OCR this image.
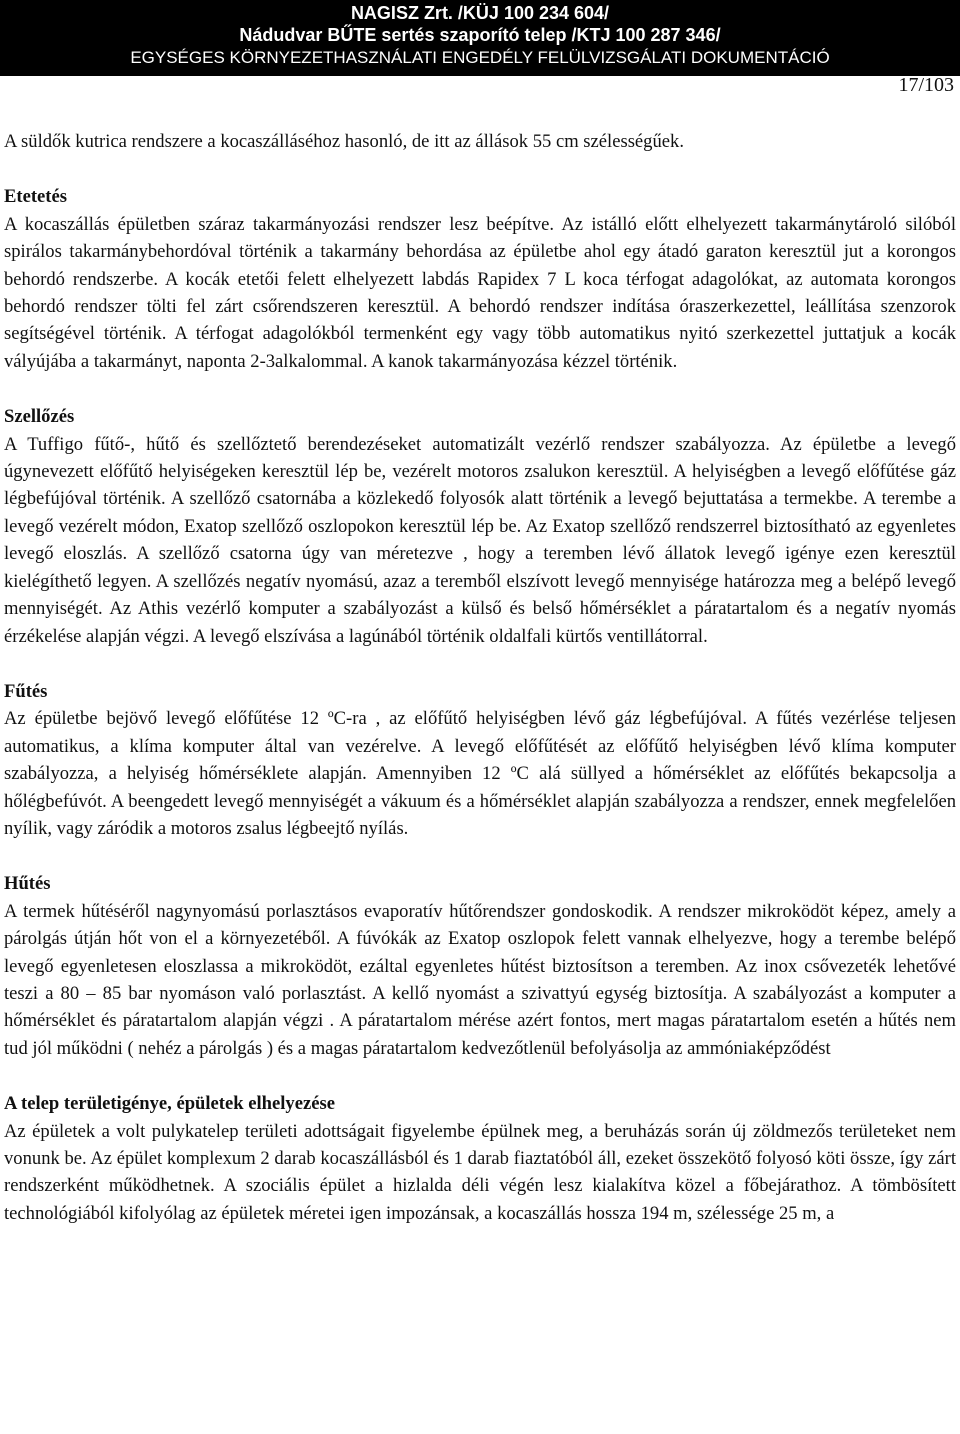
NAGISZ Zrt. /KÜJ 100 234 604/
Nádudvar BŰTE sertés szaporító telep /KTJ 100 287 346/
EGYSÉGES KÖRNYEZETHASZNÁLATI ENGEDÉLY FELÜLVIZSGÁLATI DOKUMENTÁCIÓ
17/103

A süldők kutrica rendszere a kocaszálláséhoz hasonló, de itt az állások 55 cm szélességűek.

Etetetés

A kocaszállás épületben száraz takarmányozási rendszer lesz beépítve. Az istálló előtt elhelyezett takarmánytároló silóból spirálos takarmánybehordóval történik a takarmány behordása az épületbe ahol egy átadó garaton keresztül jut a korongos behordó rendszerbe. A kocák etetői felett elhelyezett labdás Rapidex 7 L koca térfogat adagolókat, az automata korongos behordó rendszer tölti fel zárt csőrendszeren keresztül. A behordó rendszer indítása óraszerkezettel, leállítása szenzorok segítségével történik. A térfogat adagolókból termenként egy vagy több automatikus nyitó szerkezettel juttatjuk a kocák vályújába a takarmányt, naponta 2-3alkalommal. A kanok takarmányozása kézzel történik.

Szellőzés

A Tuffigo fűtő-, hűtő és szellőztető berendezéseket automatizált vezérlő rendszer szabályozza. Az épületbe a levegő úgynevezett előfűtő helyiségeken keresztül lép be, vezérelt motoros zsalukon keresztül. A helyiségben a levegő előfűtése gáz légbefújóval történik. A szellőző csatornába a közlekedő folyosók alatt történik a levegő bejuttatása a termekbe. A terembe a levegő vezérelt módon, Exatop szellőző oszlopokon keresztül lép be. Az Exatop szellőző rendszerrel biztosítható az egyenletes levegő eloszlás. A szellőző csatorna úgy van méretezve , hogy a teremben lévő állatok levegő igénye ezen keresztül kielégíthető legyen. A szellőzés negatív nyomású, azaz a teremből elszívott levegő mennyisége határozza meg a belépő levegő mennyiségét. Az Athis vezérlő komputer a szabályozást a külső és belső hőmérséklet a páratartalom és a negatív nyomás érzékelése alapján végzi. A levegő elszívása a lagúnából történik oldalfali kürtős ventillátorral.

Fűtés

Az épületbe bejövő levegő előfűtése 12 ºC-ra , az előfűtő helyiségben lévő gáz légbefújóval. A fűtés vezérlése teljesen automatikus, a klíma komputer által van vezérelve. A levegő előfűtését az előfűtő helyiségben lévő klíma komputer szabályozza, a helyiség hőmérséklete alapján. Amennyiben 12 ºC alá süllyed a hőmérséklet az előfűtés bekapcsolja a hőlégbefúvót. A beengedett levegő mennyiségét a vákuum és a hőmérséklet alapján szabályozza a rendszer, ennek megfelelően nyílik, vagy záródik a motoros zsalus légbeejtő nyílás.

Hűtés

A termek hűtéséről nagynyomású porlasztásos evaporatív hűtőrendszer gondoskodik. A rendszer mikroködöt képez, amely a párolgás útján hőt von el a környezetéből. A fúvókák az Exatop oszlopok felett vannak elhelyezve, hogy a terembe belépő levegő egyenletesen eloszlassa a mikroködöt, ezáltal egyenletes hűtést biztosítson a teremben. Az inox csővezeték lehetővé teszi a 80 – 85 bar nyomáson való porlasztást. A kellő nyomást a szivattyú egység biztosítja. A szabályozást a komputer a hőmérséklet és páratartalom alapján végzi . A páratartalom mérése azért fontos, mert magas páratartalom esetén a hűtés nem tud jól működni ( nehéz a párolgás ) és a magas páratartalom kedvezőtlenül befolyásolja az ammóniaképződést

A telep területigénye, épületek elhelyezése

Az épületek a volt pulykatelep területi adottságait figyelembe épülnek meg, a beruházás során új zöldmezős területeket nem vonunk be. Az épület komplexum 2 darab kocaszállásból és 1 darab fiaztatóból áll, ezeket összekötő folyosó köti össze, így zárt rendszerként működhetnek. A szociális épület a hizlalda déli végén lesz kialakítva közel a főbejárathoz. A tömbösített technológiából kifolyólag az épületek méretei igen impozánsak, a kocaszállás hossza 194 m, szélessége 25 m, a
